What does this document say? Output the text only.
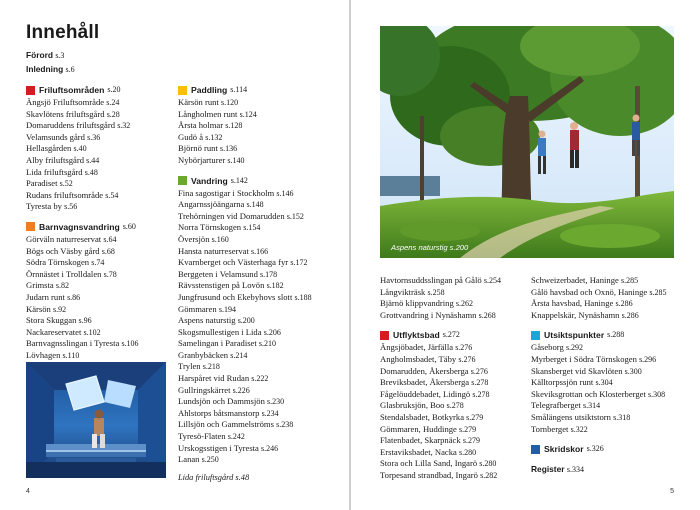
Innehåll
Förord s.3
Inledning s.6
Friluftsområden s.20
Ängsjö Friluftsområde s.24
Skavlötens friluftsgård s.28
Domaruddens friluftsgård s.32
Velamsunds gård s.36
Hellasgården s.40
Alby friluftsgård s.44
Lida friluftsgård s.48
Paradiset s.52
Rudans friluftsområde s.54
Tyresta by s.56
Barnvagnsvandring s.60
Görväln naturreservat s.64
Bögs och Väsby gård s.68
Södra Törnskogen s.74
Örnnästet i Trolldalen s.78
Grimsta s.82
Judarn runt s.86
Kärsön s.92
Stora Skuggan s.96
Nackareservatet s.102
Barnvagnsslingan i Tyresta s.106
Lövhagen s.110
Paddling s.114
Kärsön runt s.120
Långholmen runt s.124
Årsta holmar s.128
Gudö å s.132
Björnö runt s.136
Nybörjarturer s.140
Vandring s.142
Fina sagostigar i Stockholm s.146
Angarnssjöängarna s.148
Trehörningen vid Domarudden s.152
Norra Törnskogen s.154
Översjön s.160
Hansta naturreservat s.166
Kvarnberget och Västerhaga fyr s.172
Berggeten i Velamsund s.178
Rävsstenstigen på Lovön s.182
Jungfrusund och Ekebyhovs slott s.188
Gömmaren s.194
Aspens naturstig s.200
Skogsmullestigen i Lida s.206
Samelingan i Paradiset s.210
Granbybäcken s.214
Trylen s.218
Harspåret vid Rudan s.222
Gullringskärret s.226
Lundsjön och Dammsjön s.230
Ahlstorps båtsmanstorp s.234
Lillsjön och Gammelströms s.238
Tyresö-Flaten s.242
Urskogsstigen i Tyresta s.246
Lanan s.250
Lida friluftsgård s.48
4
Aspens naturstig s.200
Havtornsuddsslingan på Gålö s.254
Långvikträsk s.258
Bjärnö klippvandring s.262
Grottvandring i Nynäshamn s.268
Utflyktsbad s.272
Ängsjöbadet, Järfälla s.276
Angholmsbadet, Täby s.276
Domarudden, Åkersberga s.276
Breviksbadet, Åkersberga s.278
Fågelöuddebadet, Lidingö s.278
Glasbruksjön, Boo s.278
Stendalsbadet, Botkyrka s.279
Gömmaren, Huddinge s.279
Flatenbadet, Skarpnäck s.279
Erstaviksbadet, Nacka s.280
Stora och Lilla Sand, Ingarö s.280
Torpesand strandbad, Ingarö s.282
Schweizerbadet, Haninge s.285
Gålö havsbad och Oxnö, Haninge s.285
Årsta havsbad, Haninge s.286
Knappelskär, Nynäshamn s.286
Utsiktspunkter s.288
Gåseborg s.292
Myrberget i Södra Törnskogen s.296
Skansberget vid Skavlöten s.300
Källtorpssjön runt s.304
Skeviksgrottan och Klosterberget s.308
Telegrafberget s.314
Smålängens utsiktstorn s.318
Tornberget s.322
Skridskor s.326
Register s.334
5
